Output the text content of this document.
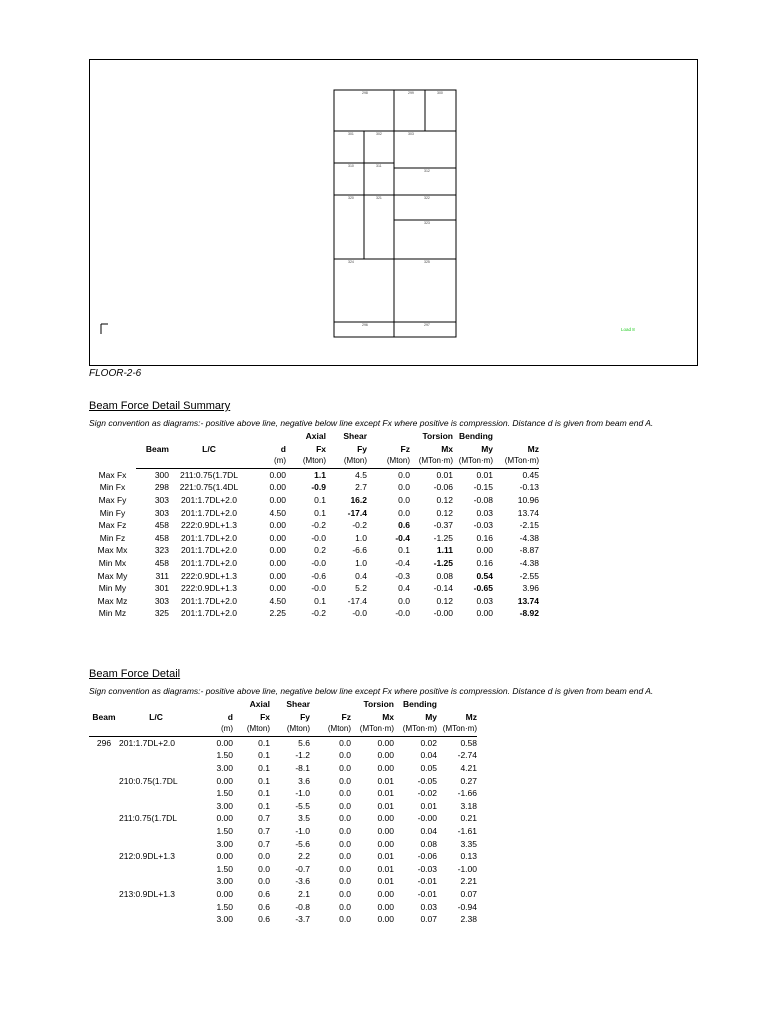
298	299	300
301	302	303
310	311
312
320	321	322
323
324	325
296	297
Load 8
FLOOR-2-6
Beam Force Detail Summary
Sign convention as diagrams:- positive above line, negative below line except Fx where positive is compression. Distance d is given from beam end A.
				Axial	Shear		Torsion	Bending	
	Beam	L/C	d	Fx	Fy	Fz	Mx	My	Mz
			(m)	(Mton)	(Mton)	(Mton)	(MTon·m)	(MTon·m)	(MTon·m)
Max Fx	300	211:0.75(1.7DL	0.00	1.1	4.5	0.0	0.01	0.01	0.45
Min Fx	298	221:0.75(1.4DL	0.00	-0.9	2.7	0.0	-0.06	-0.15	-0.13
Max Fy	303	201:1.7DL+2.0	0.00	0.1	16.2	0.0	0.12	-0.08	10.96
Min Fy	303	201:1.7DL+2.0	4.50	0.1	-17.4	0.0	0.12	0.03	13.74
Max Fz	458	222:0.9DL+1.3	0.00	-0.2	-0.2	0.6	-0.37	-0.03	-2.15
Min Fz	458	201:1.7DL+2.0	0.00	-0.0	1.0	-0.4	-1.25	0.16	-4.38
Max Mx	323	201:1.7DL+2.0	0.00	0.2	-6.6	0.1	1.11	0.00	-8.87
Min Mx	458	201:1.7DL+2.0	0.00	-0.0	1.0	-0.4	-1.25	0.16	-4.38
Max My	311	222:0.9DL+1.3	0.00	-0.6	0.4	-0.3	0.08	0.54	-2.55
Min My	301	222:0.9DL+1.3	0.00	-0.0	5.2	0.4	-0.14	-0.65	3.96
Max Mz	303	201:1.7DL+2.0	4.50	0.1	-17.4	0.0	0.12	0.03	13.74
Min Mz	325	201:1.7DL+2.0	2.25	-0.2	-0.0	-0.0	-0.00	0.00	-8.92
Beam Force Detail
Sign convention as diagrams:- positive above line, negative below line except Fx where positive is compression. Distance d is given from beam end A.
			Axial	Shear		Torsion	Bending	
Beam	L/C	d	Fx	Fy	Fz	Mx	My	Mz
		(m)	(Mton)	(Mton)	(Mton)	(MTon·m)	(MTon·m)	(MTon·m)
296	201:1.7DL+2.0	0.00	0.1	5.6	0.0	0.00	0.02	0.58
		1.50	0.1	-1.2	0.0	0.00	0.04	-2.74
		3.00	0.1	-8.1	0.0	0.00	0.05	4.21
	210:0.75(1.7DL	0.00	0.1	3.6	0.0	0.01	-0.05	0.27
		1.50	0.1	-1.0	0.0	0.01	-0.02	-1.66
		3.00	0.1	-5.5	0.0	0.01	0.01	3.18
	211:0.75(1.7DL	0.00	0.7	3.5	0.0	0.00	-0.00	0.21
		1.50	0.7	-1.0	0.0	0.00	0.04	-1.61
		3.00	0.7	-5.6	0.0	0.00	0.08	3.35
	212:0.9DL+1.3	0.00	0.0	2.2	0.0	0.01	-0.06	0.13
		1.50	0.0	-0.7	0.0	0.01	-0.03	-1.00
		3.00	0.0	-3.6	0.0	0.01	-0.01	2.21
	213:0.9DL+1.3	0.00	0.6	2.1	0.0	0.00	-0.01	0.07
		1.50	0.6	-0.8	0.0	0.00	0.03	-0.94
		3.00	0.6	-3.7	0.0	0.00	0.07	2.38
